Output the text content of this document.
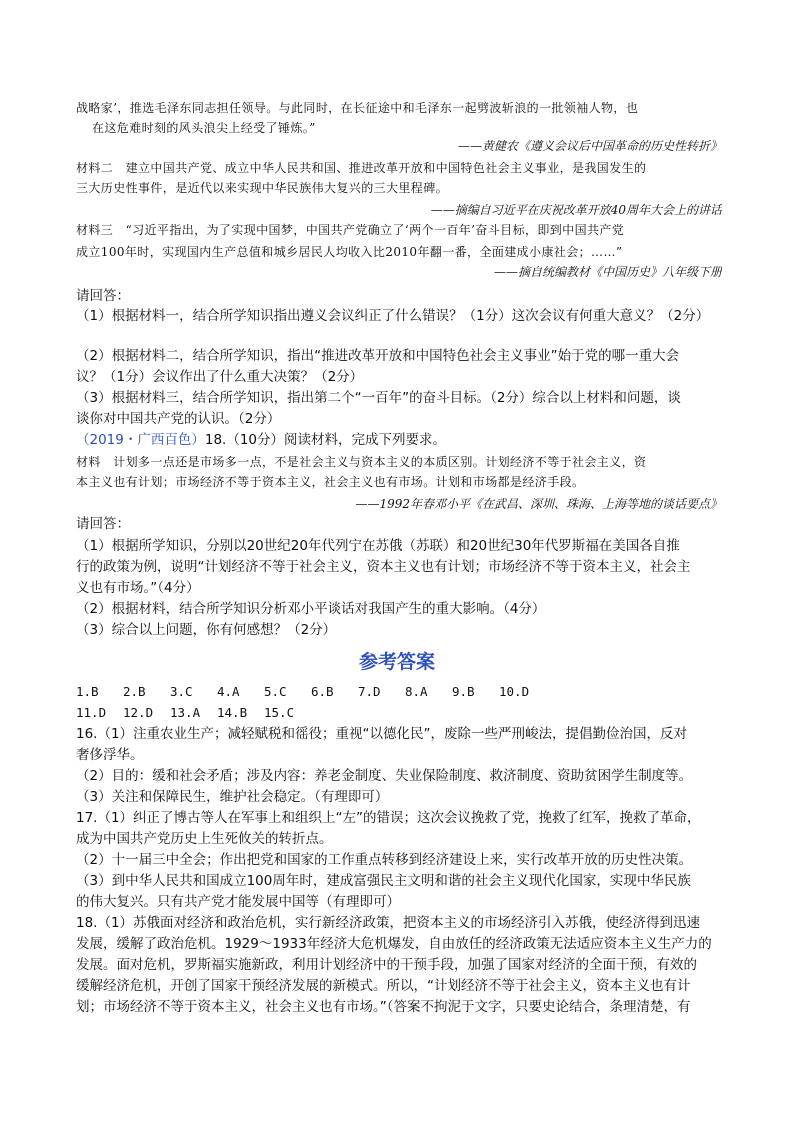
战略家’，推选毛泽东同志担任领导。与此同时，在长征途中和毛泽东一起劈波斩浪的一批领袖人物，也
在这危难时刻的风头浪尖上经受了锤炼。”
——黄健农《遵义会议后中国革命的历史性转折》
材料二　建立中国共产党、成立中华人民共和国、推进改革开放和中国特色社会主义事业，是我国发生的
三大历史性事件，是近代以来实现中华民族伟大复兴的三大里程碑。
——摘编自习近平在庆祝改革开放40周年大会上的讲话
材料三　“习近平指出，为了实现中国梦，中国共产党确立了‘两个一百年’奋斗目标，即到中国共产党
成立100年时，实现国内生产总值和城乡居民人均收入比2010年翻一番，全面建成小康社会；……”
——摘自统编教材《中国历史》八年级下册
请回答：
（1）根据材料一，结合所学知识指出遵义会议纠正了什么错误？（1分）这次会议有何重大意义？（2分）
（2）根据材料二，结合所学知识，指出“推进改革开放和中国特色社会主义事业”始于党的哪一重大会
议？（1分）会议作出了什么重大决策？（2分）
（3）根据材料三，结合所学知识，指出第二个“一百年”的奋斗目标。（2分）综合以上材料和问题，谈
谈你对中国共产党的认识。（2分）
（2019・广西百色）18.（10分）阅读材料，完成下列要求。
材料　计划多一点还是市场多一点，不是社会主义与资本主义的本质区别。计划经济不等于社会主义，资
本主义也有计划；市场经济不等于资本主义，社会主义也有市场。计划和市场都是经济手段。
——1992年春邓小平《在武昌、深圳、珠海、上海等地的谈话要点》
请回答：
（1）根据所学知识，分别以20世纪20年代列宁在苏俄（苏联）和20世纪30年代罗斯福在美国各自推
行的政策为例，说明“计划经济不等于社会主义，资本主义也有计划；市场经济不等于资本主义，社会主
义也有市场。”（4分）
（2）根据材料，结合所学知识分析邓小平谈话对我国产生的重大影响。（4分）
（3）综合以上问题，你有何感想？（2分）
参考答案
1.B 2.B 3.C 4.A 5.C 6.B 7.D 8.A 9.B 10.D
11.D 12.D 13.A 14.B 15.C
16.（1）注重农业生产；减轻赋税和徭役；重视“以德化民”，废除一些严刑峻法，提倡勤俭治国，反对
奢侈浮华。
（2）目的：缓和社会矛盾；涉及内容：养老金制度、失业保险制度、救济制度、资助贫困学生制度等。
（3）关注和保障民生，维护社会稳定。（有理即可）
17.（1）纠正了博古等人在军事上和组织上“左”的错误；这次会议挽救了党，挽救了红军，挽救了革命，
成为中国共产党历史上生死攸关的转折点。
（2）十一届三中全会；作出把党和国家的工作重点转移到经济建设上来，实行改革开放的历史性决策。
（3）到中华人民共和国成立100周年时，建成富强民主文明和谐的社会主义现代化国家，实现中华民族
的伟大复兴。只有共产党才能发展中国等（有理即可）
18.（1）苏俄面对经济和政治危机，实行新经济政策，把资本主义的市场经济引入苏俄，使经济得到迅速
发展，缓解了政治危机。1929～1933年经济大危机爆发，自由放任的经济政策无法适应资本主义生产力的
发展。面对危机，罗斯福实施新政，利用计划经济中的干预手段，加强了国家对经济的全面干预，有效的
缓解经济危机，开创了国家干预经济发展的新模式。所以，“计划经济不等于社会主义，资本主义也有计
划；市场经济不等于资本主义，社会主义也有市场。”（答案不拘泥于文字，只要史论结合，条理清楚，有
